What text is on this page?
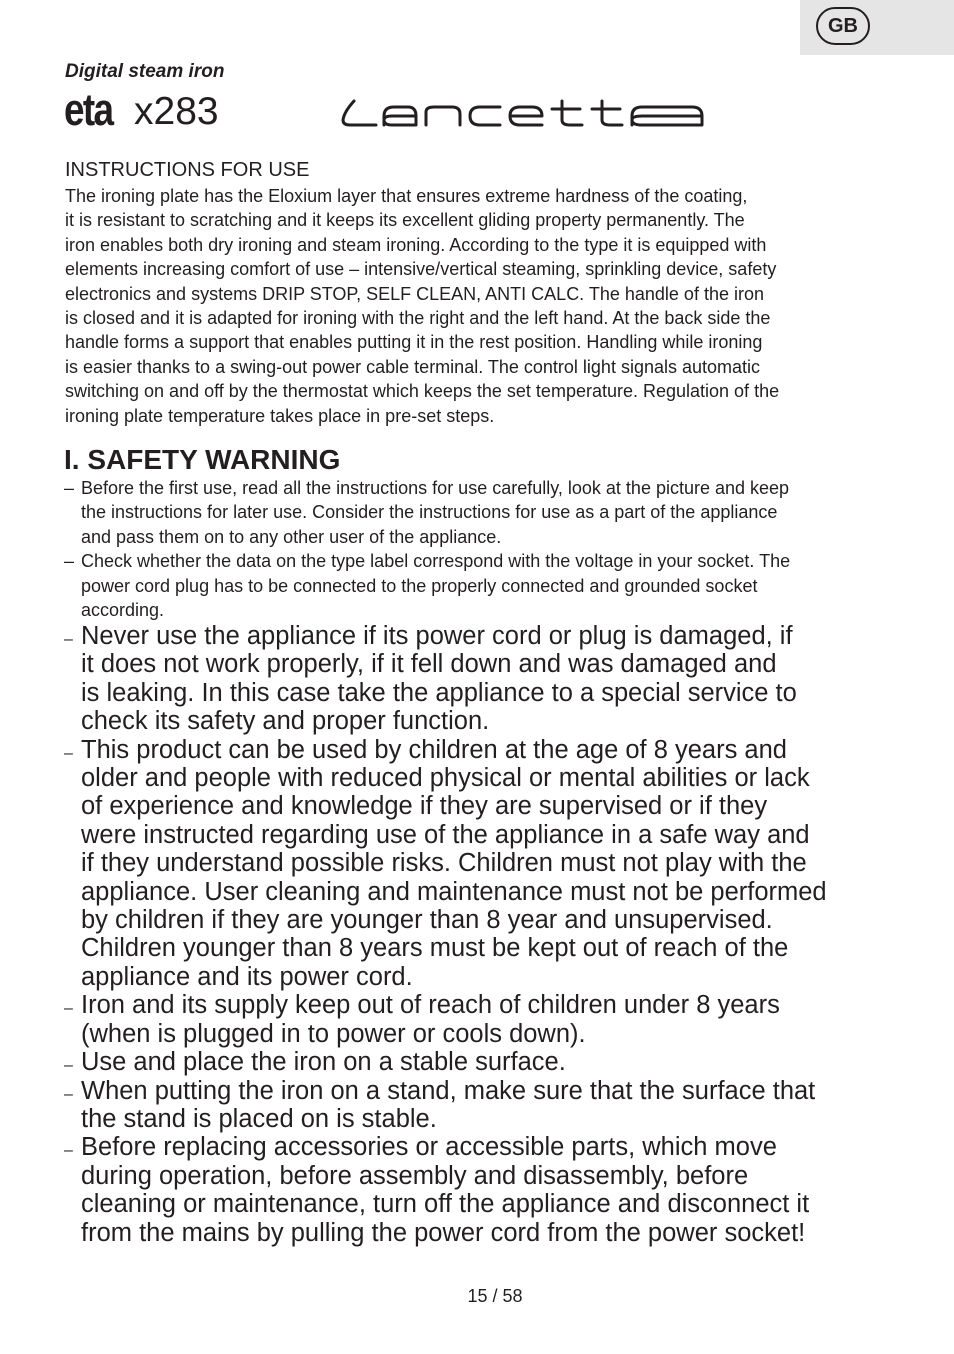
GB
Digital steam iron
eta x283
INSTRUCTIONS FOR USE
The ironing plate has the Eloxium layer that ensures extreme hardness of the coating,
it is resistant to scratching and it keeps its excellent gliding property permanently. The
iron enables both dry ironing and steam ironing. According to the type it is equipped with
elements increasing comfort of use – intensive/vertical steaming, sprinkling device, safety
electronics and systems DRIP STOP, SELF CLEAN, ANTI CALC. The handle of the iron
is closed and it is adapted for ironing with the right and the left hand. At the back side the
handle forms a support that enables putting it in the rest position. Handling while ironing
is easier thanks to a swing-out power cable terminal. The control light signals automatic
switching on and off by the thermostat which keeps the set temperature. Regulation of the
ironing plate temperature takes place in pre-set steps.
I. SAFETY WARNING
– Before the first use, read all the instructions for use carefully, look at the picture and keep
the instructions for later use. Consider the instructions for use as a part of the appliance
and pass them on to any other user of the appliance.
– Check whether the data on the type label correspond with the voltage in your socket. The
power cord plug has to be connected to the properly connected and grounded socket
according.
– Never use the appliance if its power cord or plug is damaged, if
it does not work properly, if it fell down and was damaged and
is leaking. In this case take the appliance to a special service to
check its safety and proper function.
– This product can be used by children at the age of 8 years and
older and people with reduced physical or mental abilities or lack
of experience and knowledge if they are supervised or if they
were instructed regarding use of the appliance in a safe way and
if they understand possible risks. Children must not play with the
appliance. User cleaning and maintenance must not be performed
by children if they are younger than 8 year and unsupervised.
Children younger than 8 years must be kept out of reach of the
appliance and its power cord.
– Iron and its supply keep out of reach of children under 8 years
(when is plugged in to power or cools down).
– Use and place the iron on a stable surface.
– When putting the iron on a stand, make sure that the surface that
the stand is placed on is stable.
– Before replacing accessories or accessible parts, which move
during operation, before assembly and disassembly, before
cleaning or maintenance, turn off the appliance and disconnect it
from the mains by pulling the power cord from the power socket!
15 / 58
